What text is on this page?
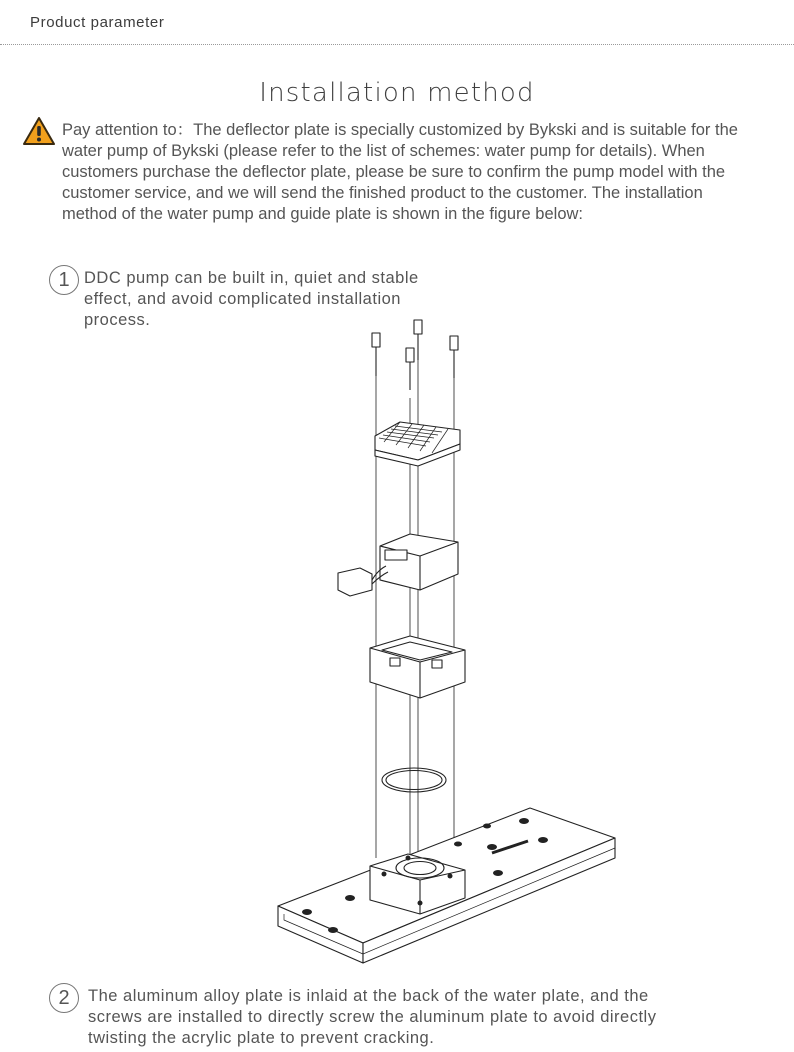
Product parameter
Installation method
Pay attention to：The deflector plate is specially customized by Bykski and is suitable for the water pump of Bykski (please refer to the list of schemes: water pump for details). When customers purchase the deflector plate, please be sure to confirm the pump model with the customer service, and we will send the finished product to the customer. The installation method of the water pump and guide plate is shown in the figure below:
1 DDC pump can be built in, quiet and stable effect, and avoid complicated installation process.
2	The aluminum alloy plate is inlaid at the back of the water plate, and the screws are installed to directly screw the aluminum plate to avoid directly twisting the acrylic plate to prevent cracking.
